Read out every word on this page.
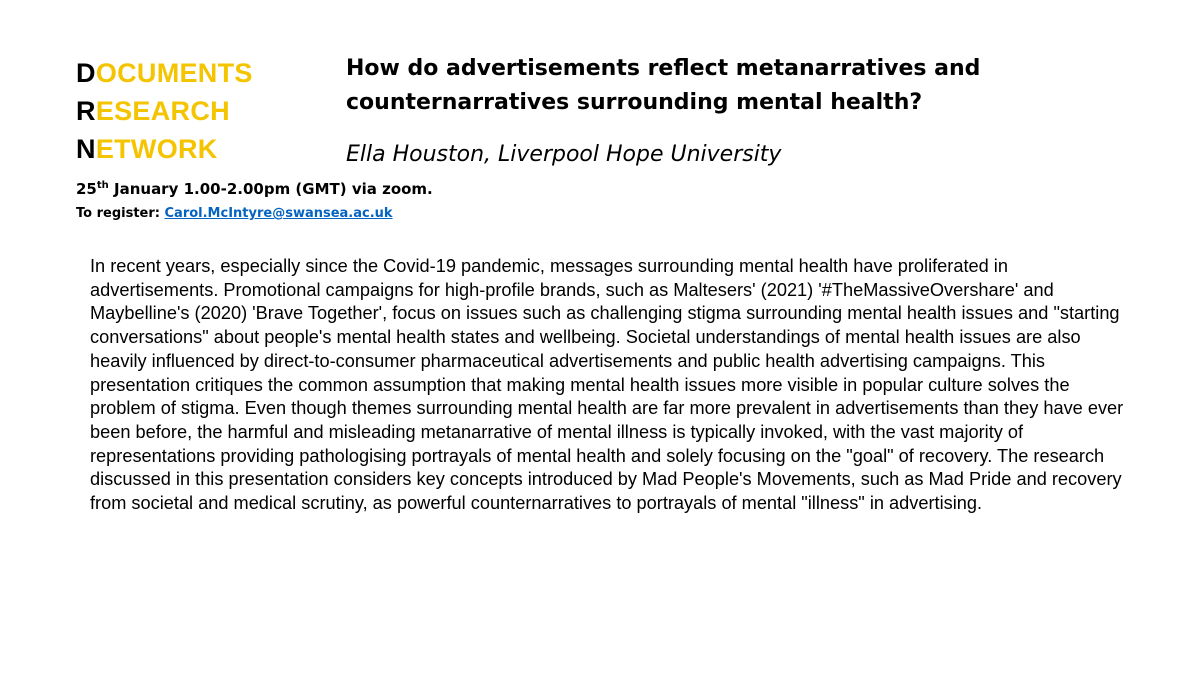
DOCUMENTS
RESEARCH
NETWORK
How do advertisements reflect metanarratives and counternarratives surrounding mental health?
Ella Houston, Liverpool Hope University
25th January 1.00-2.00pm (GMT) via zoom.
To register: Carol.McIntyre@swansea.ac.uk
In recent years, especially since the Covid-19 pandemic, messages surrounding mental health have proliferated in advertisements. Promotional campaigns for high-profile brands, such as Maltesers' (2021) '#TheMassiveOvershare' and Maybelline's (2020) 'Brave Together', focus on issues such as challenging stigma surrounding mental health issues and "starting conversations" about people's mental health states and wellbeing. Societal understandings of mental health issues are also heavily influenced by direct-to-consumer pharmaceutical advertisements and public health advertising campaigns. This presentation critiques the common assumption that making mental health issues more visible in popular culture solves the problem of stigma. Even though themes surrounding mental health are far more prevalent in advertisements than they have ever been before, the harmful and misleading metanarrative of mental illness is typically invoked, with the vast majority of representations providing pathologising portrayals of mental health and solely focusing on the "goal" of recovery. The research discussed in this presentation considers key concepts introduced by Mad People's Movements, such as Mad Pride and recovery from societal and medical scrutiny, as powerful counternarratives to portrayals of mental "illness" in advertising.
